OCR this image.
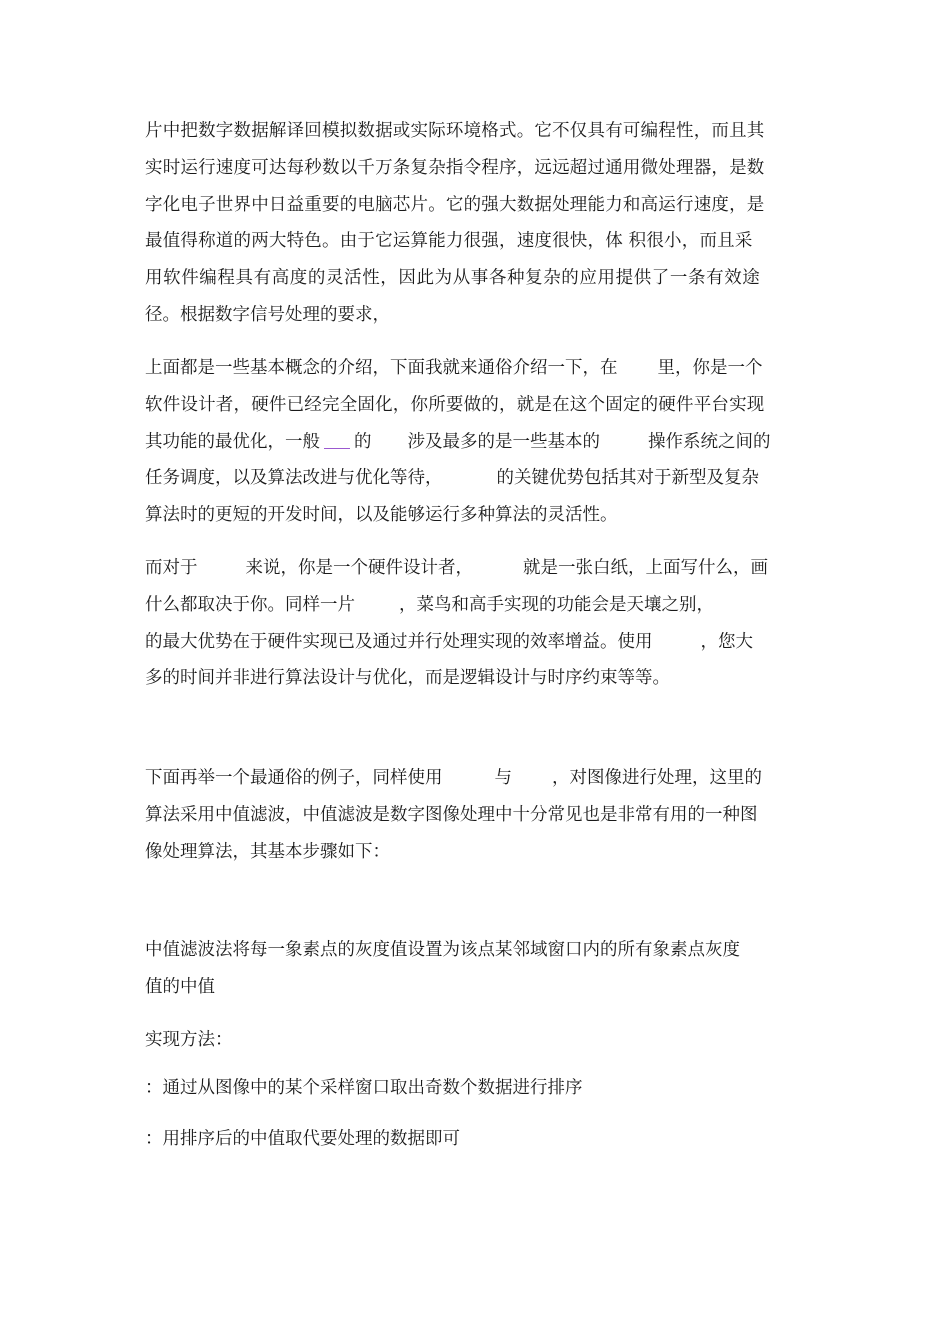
片中把数字数据解译回模拟数据或实际环境格式。它不仅具有可编程性，而且其
实时运行速度可达每秒数以千万条复杂指令程序，远远超过通用微处理器，是数
字化电子世界中日益重要的电脑芯片。它的强大数据处理能力和高运行速度，是
最值得称道的两大特色。由于它运算能力很强，速度很快，体 积很小，而且采
用软件编程具有高度的灵活性，因此为从事各种复杂的应用提供了一条有效途
径。根据数字信号处理的要求，
上面都是一些基本概念的介绍，下面我就来通俗介绍一下，在 里，你是一个
软件设计者，硬件已经完全固化，你所要做的，就是在这个固定的硬件平台实现
其功能的最优化，一般 的 涉及最多的是一些基本的	操作系统之间的
任务调度，以及算法改进与优化等待，	的关键优势包括其对于新型及复杂
算法时的更短的开发时间，以及能够运行多种算法的灵活性。
而对于	来说，你是一个硬件设计者，	就是一张白纸，上面写什么，画
什么都取决于你。同样一片	，菜鸟和高手实现的功能会是天壤之别，
的最大优势在于硬件实现已及通过并行处理实现的效率增益。使用	，您大
多的时间并非进行算法设计与优化，而是逻辑设计与时序约束等等。
下面再举一个最通俗的例子，同样使用	与 ，对图像进行处理，这里的
算法采用中值滤波，中值滤波是数字图像处理中十分常见也是非常有用的一种图
像处理算法，其基本步骤如下：
中值滤波法将每一象素点的灰度值设置为该点某邻域窗口内的所有象素点灰度
值的中值
实现方法：
：通过从图像中的某个采样窗口取出奇数个数据进行排序
：用排序后的中值取代要处理的数据即可
